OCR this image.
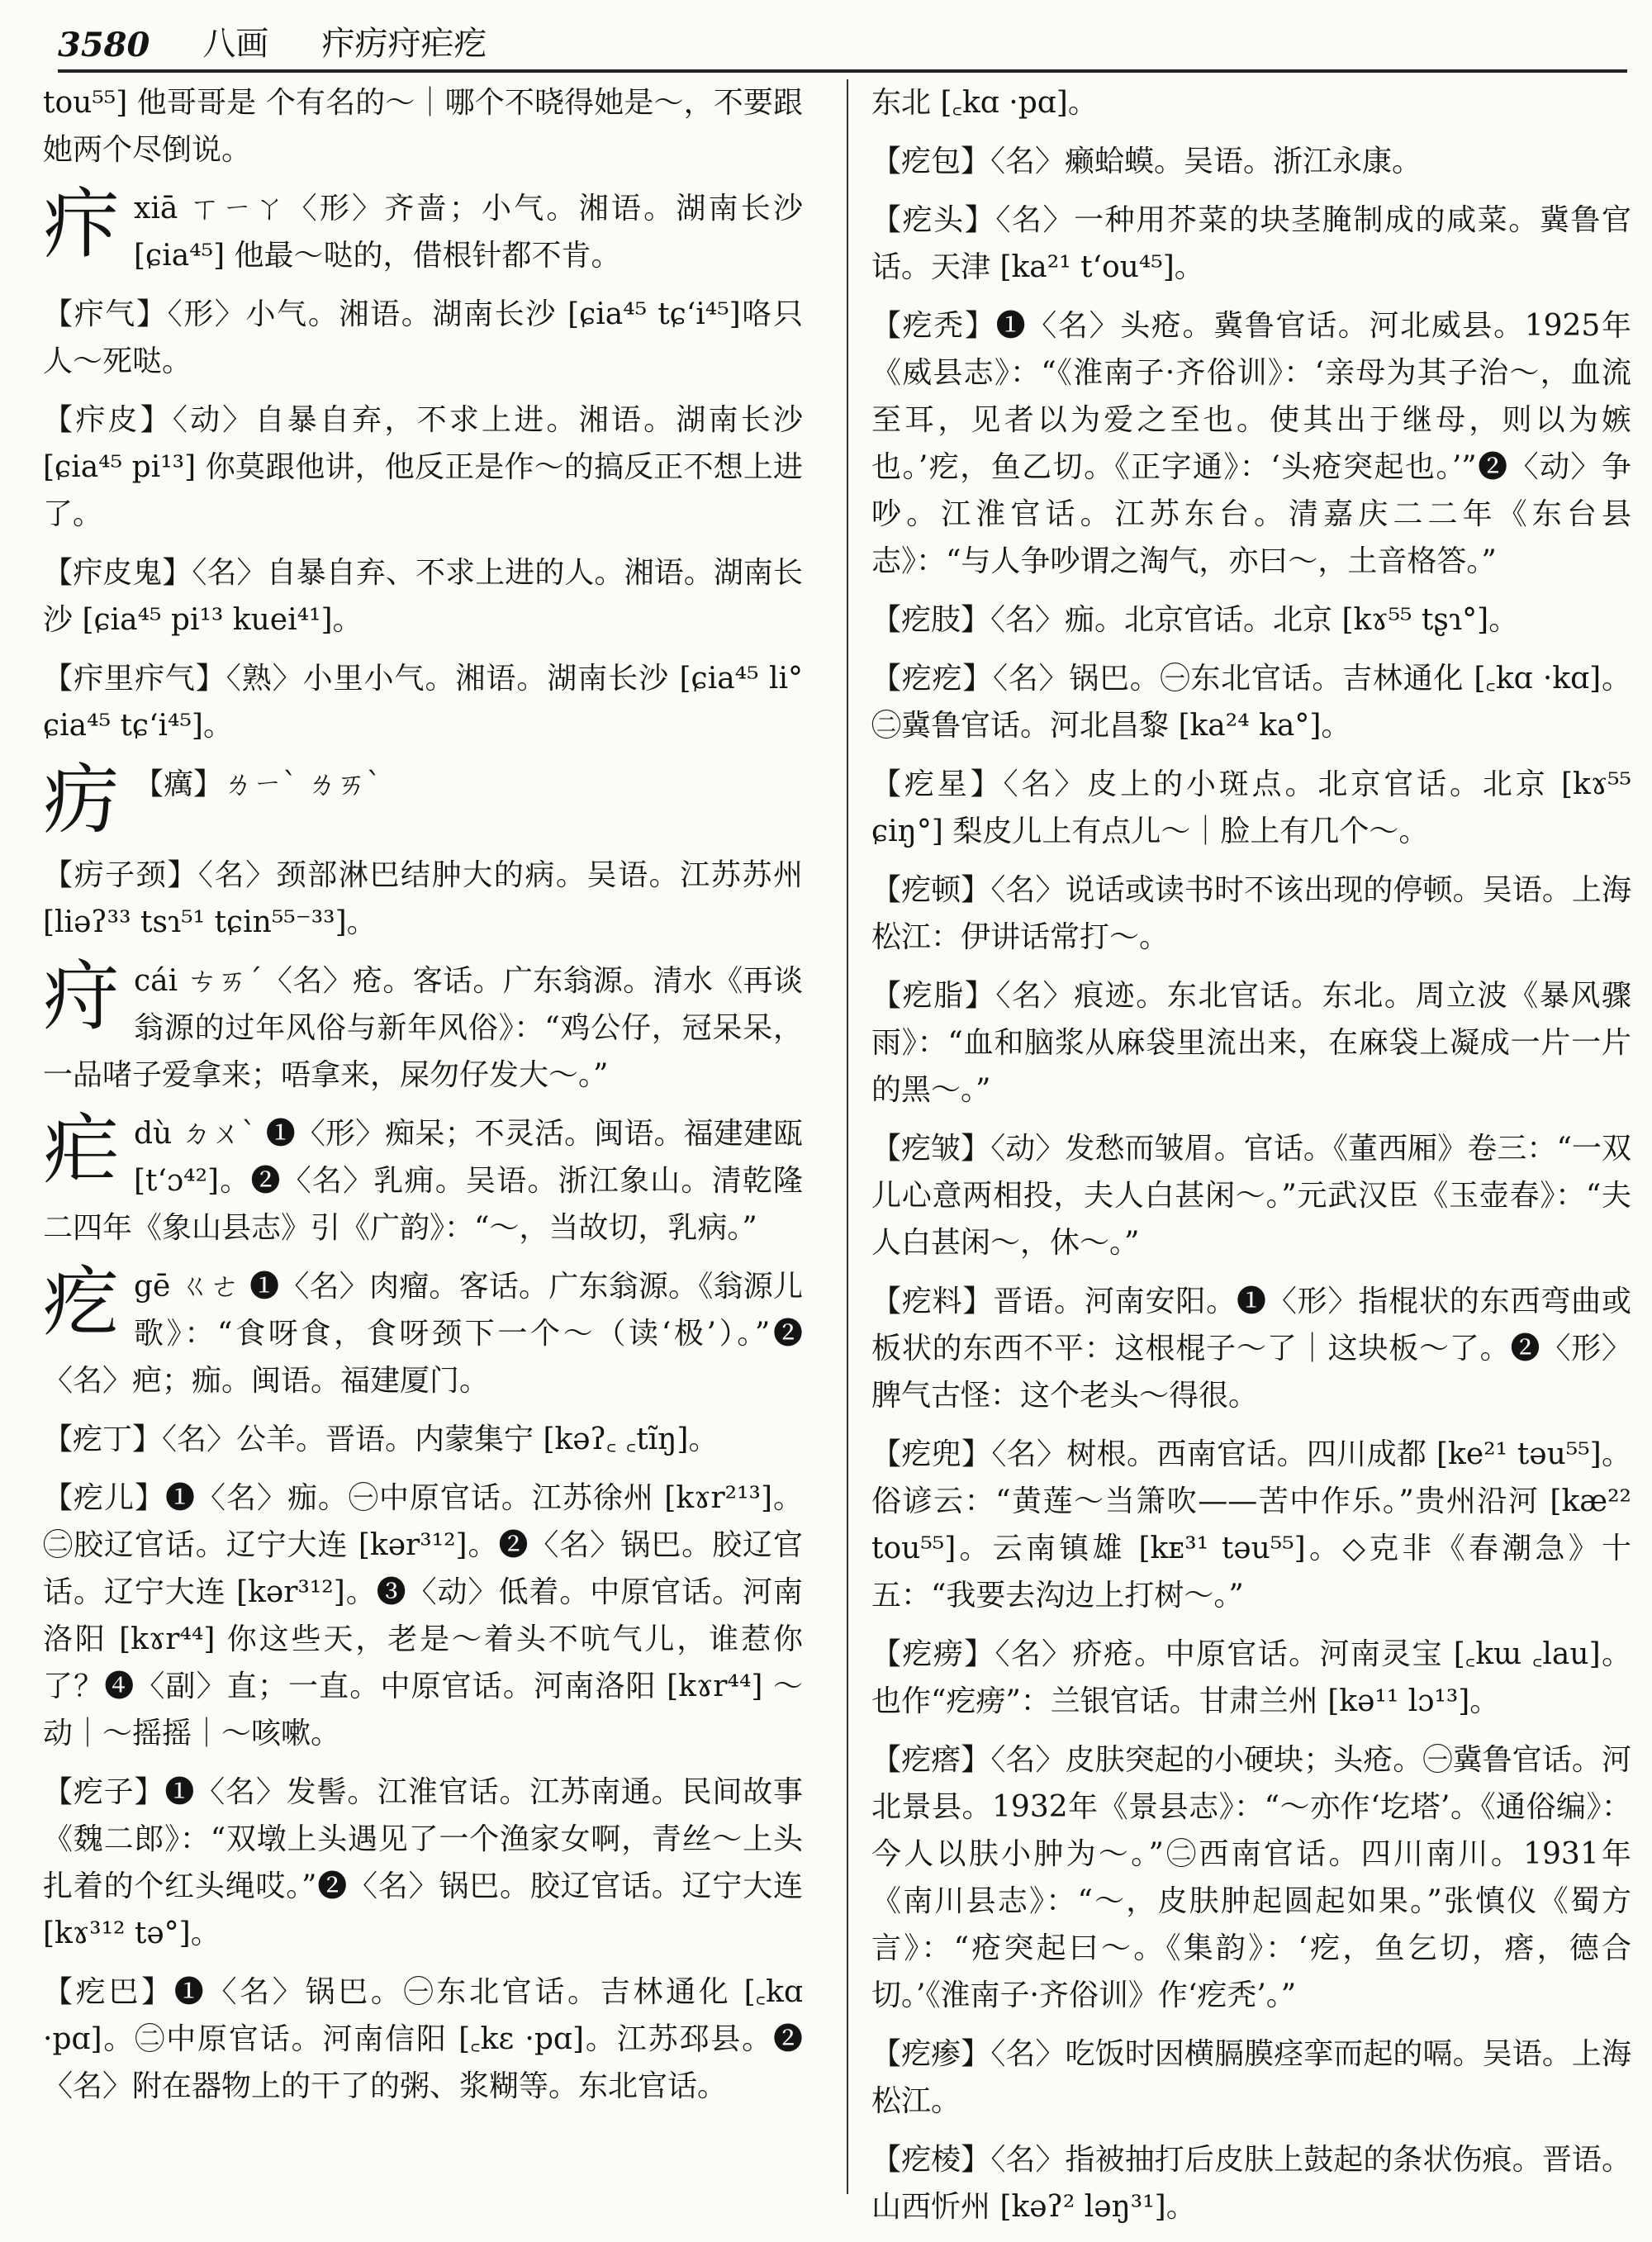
3580 八画 疜疠疛疟疙

tou⁵⁵] 他哥哥是 个有名的～｜哪个不晓得她是～，不要跟她两个尽倒说。

疜xiā ㄒㄧㄚ〈形〉齐啬；小气。湘语。湖南长沙[ɕia⁴⁵] 他最～哒的，借根针都不肯。

【疜气】〈形〉小气。湘语。湖南长沙 [ɕia⁴⁵ tɕʻi⁴⁵]咯只人～死哒。

【疜皮】〈动〉自暴自弃，不求上进。湘语。湖南长沙 [ɕia⁴⁵ pi¹³] 你莫跟他讲，他反正是作～的搞反正不想上进了。

【疜皮鬼】〈名〉自暴自弃、不求上进的人。湘语。湖南长沙 [ɕia⁴⁵ pi¹³ kuei⁴¹]。

【疜里疜气】〈熟〉小里小气。湘语。湖南长沙 [ɕia⁴⁵ li° ɕia⁴⁵ tɕʻi⁴⁵]。

疠 【癘】ㄌㄧˋ ㄌㄞˋ

【疠子颈】〈名〉颈部淋巴结肿大的病。吴语。江苏苏州 [liəʔ³³ tsɿ⁵¹ tɕin⁵⁵⁻³³]。

疛cái ㄘㄞˊ〈名〉疮。客话。广东翁源。清水《再谈翁源的过年风俗与新年风俗》：“鸡公仔，冠呆呆，一品啫子爱拿来；唔拿来，屎勿仔发大～。”

疟dù ㄉㄨˋ ❶〈形〉痴呆；不灵活。闽语。福建建瓯 [tʻɔ⁴²]。❷〈名〉乳痈。吴语。浙江象山。清乾隆二四年《象山县志》引《广韵》：“～，当故切，乳病。”

疙gē ㄍㄜ ❶〈名〉肉瘤。客话。广东翁源。《翁源儿歌》：“食呀食，食呀颈下一个～（读‘极’）。”❷〈名〉疤；痂。闽语。福建厦门。

【疙丁】〈名〉公羊。晋语。内蒙集宁 [kəʔ꜀ ꜀tĩŋ]。

【疙儿】❶〈名〉痂。㊀中原官话。江苏徐州 [kɤr²¹³]。㊁胶辽官话。辽宁大连 [kər³¹²]。❷〈名〉锅巴。胶辽官话。辽宁大连 [kər³¹²]。❸〈动〉低着。中原官话。河南洛阳 [kɤr⁴⁴] 你这些天，老是～着头不吭气儿，谁惹你了？❹〈副〉直；一直。中原官话。河南洛阳 [kɤr⁴⁴] ～动｜～摇摇｜～咳嗽。

【疙子】❶〈名〉发髻。江淮官话。江苏南通。民间故事《魏二郎》：“双墩上头遇见了一个渔家女啊，青丝～上头扎着的个红头绳哎。”❷〈名〉锅巴。胶辽官话。辽宁大连 [kɤ³¹² tə°]。

【疙巴】❶〈名〉锅巴。㊀东北官话。吉林通化 [꜀kɑ ·pɑ]。㊁中原官话。河南信阳 [꜀kɛ ·pɑ]。江苏邳县。❷〈名〉附在器物上的干了的粥、浆糊等。东北官话。

东北 [꜀kɑ ·pɑ]。

【疙包】〈名〉癞蛤蟆。吴语。浙江永康。

【疙头】〈名〉一种用芥菜的块茎腌制成的咸菜。冀鲁官话。天津 [ka²¹ tʻou⁴⁵]。

【疙秃】❶〈名〉头疮。冀鲁官话。河北威县。1925年《威县志》：“《淮南子·齐俗训》：‘亲母为其子治～，血流至耳，见者以为爱之至也。使其出于继母，则以为嫉也。’疙，鱼乙切。《正字通》：‘头疮突起也。’”❷〈动〉争吵。江淮官话。江苏东台。清嘉庆二二年《东台县志》：“与人争吵谓之淘气，亦曰～，土音格答。”

【疙肢】〈名〉痂。北京官话。北京 [kɤ⁵⁵ tʂɿ°]。

【疙疙】〈名〉锅巴。㊀东北官话。吉林通化 [꜀kɑ ·kɑ]。㊁冀鲁官话。河北昌黎 [ka²⁴ ka°]。

【疙星】〈名〉皮上的小斑点。北京官话。北京 [kɤ⁵⁵ ɕiŋ°] 梨皮儿上有点儿～｜脸上有几个～。

【疙顿】〈名〉说话或读书时不该出现的停顿。吴语。上海松江：伊讲话常打～。

【疙脂】〈名〉痕迹。东北官话。东北。周立波《暴风骤雨》：“血和脑浆从麻袋里流出来，在麻袋上凝成一片一片的黑～。”

【疙皱】〈动〉发愁而皱眉。官话。《董西厢》卷三：“一双儿心意两相投，夫人白甚闲～。”元武汉臣《玉壶春》：“夫人白甚闲～，休～。”

【疙料】晋语。河南安阳。❶〈形〉指棍状的东西弯曲或板状的东西不平：这根棍子～了｜这块板～了。❷〈形〉脾气古怪：这个老头～得很。

【疙兜】〈名〉树根。西南官话。四川成都 [ke²¹ təu⁵⁵]。俗谚云：“黄莲～当箫吹——苦中作乐。”贵州沿河 [kæ²² tou⁵⁵]。云南镇雄 [kᴇ³¹ təu⁵⁵]。◇克非《春潮急》十五：“我要去沟边上打树～。”

【疙痨】〈名〉疥疮。中原官话。河南灵宝 [꜀kɯ ꜀lau]。也作“疙痨”：兰银官话。甘肃兰州 [kə¹¹ lɔ¹³]。

【疙瘩】〈名〉皮肤突起的小硬块；头疮。㊀冀鲁官话。河北景县。1932年《景县志》：“～亦作‘圪塔’。《通俗编》：今人以肤小肿为～。”㊁西南官话。四川南川。1931年《南川县志》：“～，皮肤肿起圆起如果。”张慎仪《蜀方言》：“疮突起曰～。《集韵》：‘疙，鱼乞切，瘩，德合切。’《淮南子·齐俗训》作‘疙秃’。”

【疙瘆】〈名〉吃饭时因横膈膜痉挛而起的嗝。吴语。上海松江。

【疙棱】〈名〉指被抽打后皮肤上鼓起的条状伤痕。晋语。山西忻州 [kəʔ² ləŋ³¹]。
